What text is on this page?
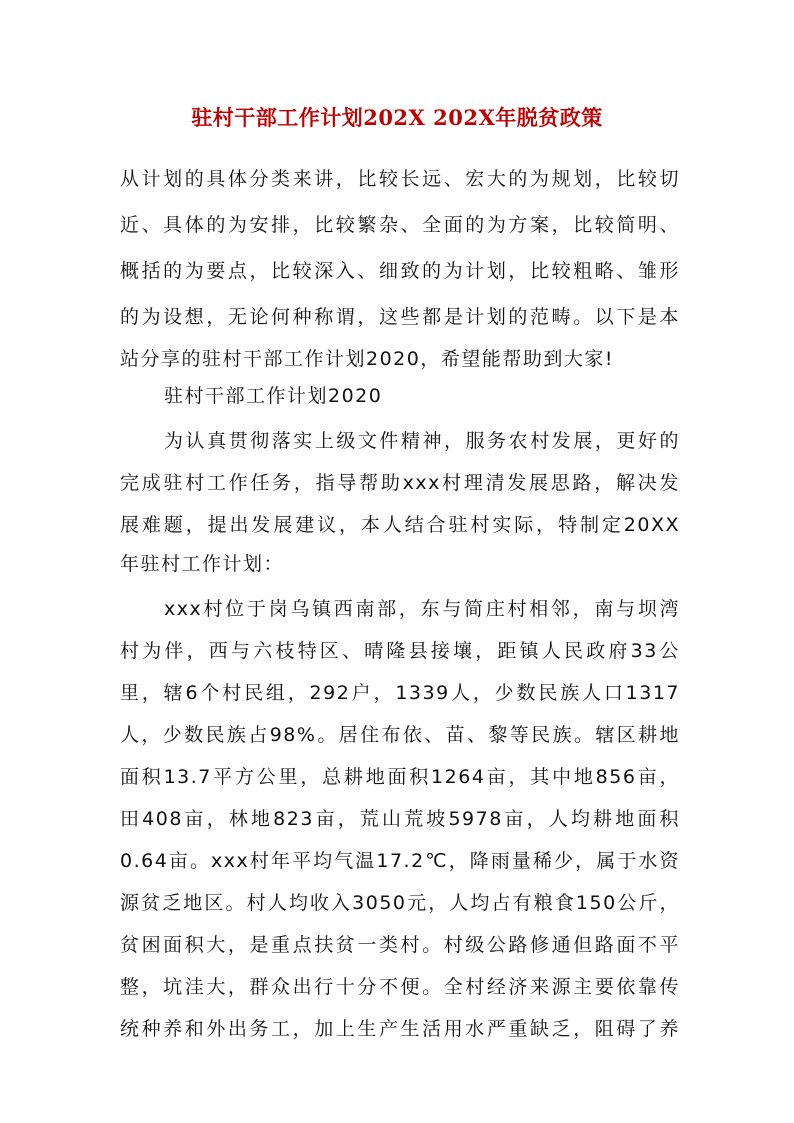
驻村干部工作计划202X 202X年脱贫政策
从计划的具体分类来讲，比较长远、宏大的为规划，比较切
近、具体的为安排，比较繁杂、全面的为方案，比较简明、
概括的为要点，比较深入、细致的为计划，比较粗略、雏形
的为设想，无论何种称谓，这些都是计划的范畴。以下是本
站分享的驻村干部工作计划2020，希望能帮助到大家!
驻村干部工作计划2020
为认真贯彻落实上级文件精神，服务农村发展，更好的
完成驻村工作任务，指导帮助xxx村理清发展思路，解决发
展难题，提出发展建议，本人结合驻村实际，特制定20XX
年驻村工作计划：
xxx村位于岗乌镇西南部，东与简庄村相邻，南与坝湾
村为伴，西与六枝特区、晴隆县接壤，距镇人民政府33公
里，辖6个村民组，292户，1339人，少数民族人口1317
人，少数民族占98%。居住布依、苗、黎等民族。辖区耕地
面积13.7平方公里，总耕地面积1264亩，其中地856亩，
田408亩，林地823亩，荒山荒坡5978亩，人均耕地面积
0.64亩。xxx村年平均气温17.2℃，降雨量稀少，属于水资
源贫乏地区。村人均收入3050元，人均占有粮食150公斤，
贫困面积大，是重点扶贫一类村。村级公路修通但路面不平
整，坑洼大，群众出行十分不便。全村经济来源主要依靠传
统种养和外出务工，加上生产生活用水严重缺乏，阻碍了养
